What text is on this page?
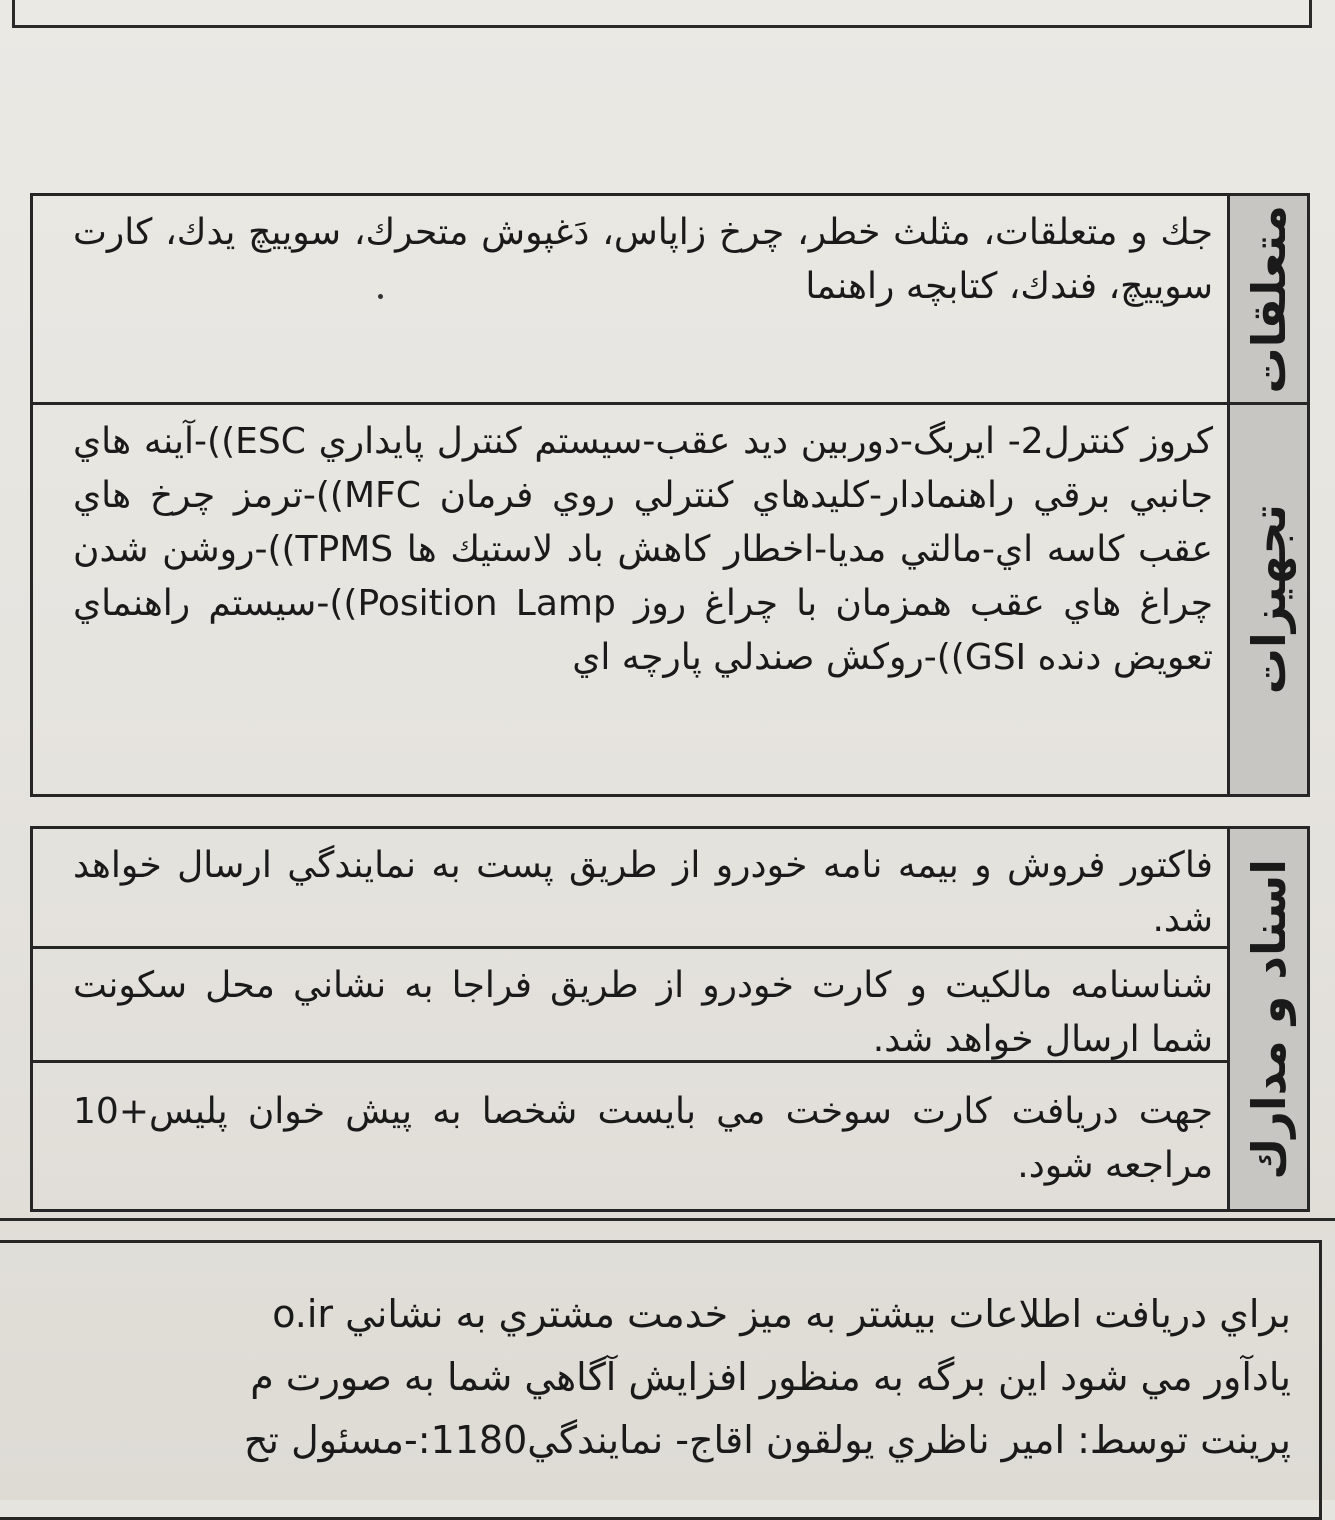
جك و متعلقات، مثلث خطر، چرخ زاپاس، دَغپوش متحرك، سوييچ يدك، كارت سوييچ، فندك، كتابچه راهنما متعلقات

كروز كنترل2- ايربگ-دوربين ديد عقب-سيستم كنترل پايداري ESC))-آينه هاي جانبي برقي راهنمادار-كليدهاي كنترلي روي فرمان MFC))-ترمز چرخ هاي عقب كاسه اي-مالتي مديا-اخطار كاهش باد لاستيك ها TPMS))-روشن شدن چراغ هاي عقب همزمان با چراغ روز Position Lamp))-سيستم راهنماي تعويض دنده GSI))-روكش صندلي پارچه اي تجهيزات

فاكتور فروش و بيمه نامه خودرو از طريق پست به نمايندگي ارسال خواهد شد.

شناسنامه مالكيت و كارت خودرو از طريق فراجا به نشاني محل سكونت شما ارسال خواهد شد.

جهت دريافت كارت سوخت مي بايست شخصا به پيش خوان پليس+10 مراجعه شود. اسناد و مدارك
براي دريافت اطلاعات بيشتر به ميز خدمت مشتري به نشاني o.ir
يادآور مي شود اين برگه به منظور افزايش آگاهي شما به صورت م
پرينت توسط: امير ناظري يولقون اقاج- نمايندگي1180:-مسئول تح
